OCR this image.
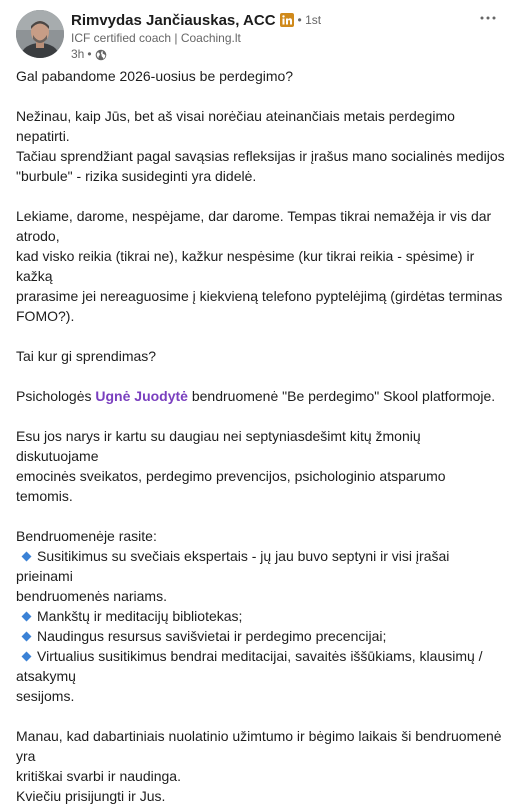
Rimvydas Jančiauskas, ACC • 1st
ICF certified coach | Coaching.lt
3h •

Gal pabandome 2026-uosius be perdegimo?

Nežinau, kaip Jūs, bet aš visai norėčiau ateinančiais metais perdegimo nepatirti.
Tačiau sprendžiant pagal savąsias refleksijas ir įrašus mano socialinės medijos
"burbule" - rizika susideginti yra didelė.

Lekiame, darome, nespėjame, dar darome. Tempas tikrai nemažėja ir vis dar atrodo,
kad visko reikia (tikrai ne), kažkur nespėsime (kur tikrai reikia - spėsime) ir kažką
prarasime jei nereaguosime į kiekvieną telefono pyptelėjimą (girdėtas terminas
FOMO?).

Tai kur gi sprendimas?

Psichologės Ugnė Juodytė bendruomenė "Be perdegimo" Skool platformoje.

Esu jos narys ir kartu su daugiau nei septyniasdešimt kitų žmonių diskutuojame
emocinės sveikatos, perdegimo prevencijos, psichologinio atsparumo temomis.

Bendruomenėje rasite:
Susitikimus su svečiais ekspertais - jų jau buvo septyni ir visi įrašai prieinami
bendruomenės nariams.
Mankštų ir meditacijų bibliotekas;
Naudingus resursus savišvietai ir perdegimo precencijai;
Virtualius susitikimus bendrai meditacijai, savaitės iššūkiams, klausimų / atsakymų
sesijoms.

Manau, kad dabartiniais nuolatinio užimtumo ir bėgimo laikais ši bendruomenė yra
kritiškai svarbi ir naudinga.
Kviečiu prisijungti ir Jus.
